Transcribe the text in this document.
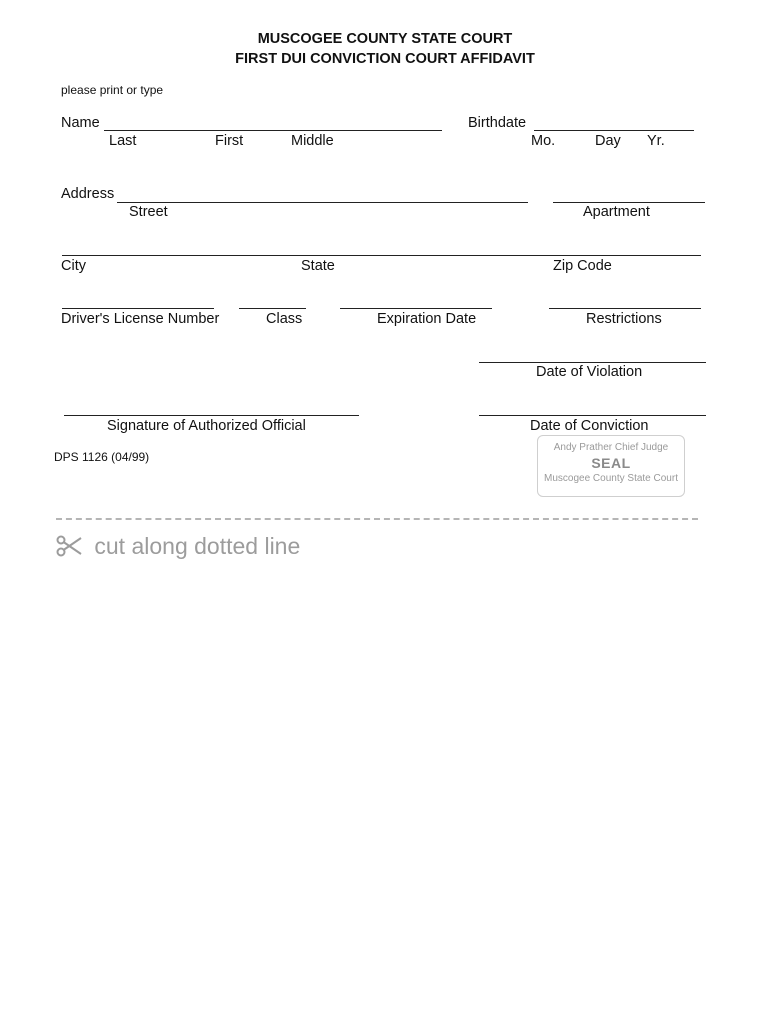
MUSCOGEE COUNTY STATE COURT
FIRST DUI CONVICTION COURT AFFIDAVIT
please print or type
Name
Last	First	Middle
Birthdate
Mo.	Day Yr.
Address
Street	Apartment
City	State	Zip Code
Driver's License Number	Class	Expiration Date	Restrictions
Date of Violation
Signature of Authorized Official	Date of Conviction
DPS 1126 (04/99)
Andy Prather Chief Judge
SEAL
Muscogee County State Court
cut along dotted line
